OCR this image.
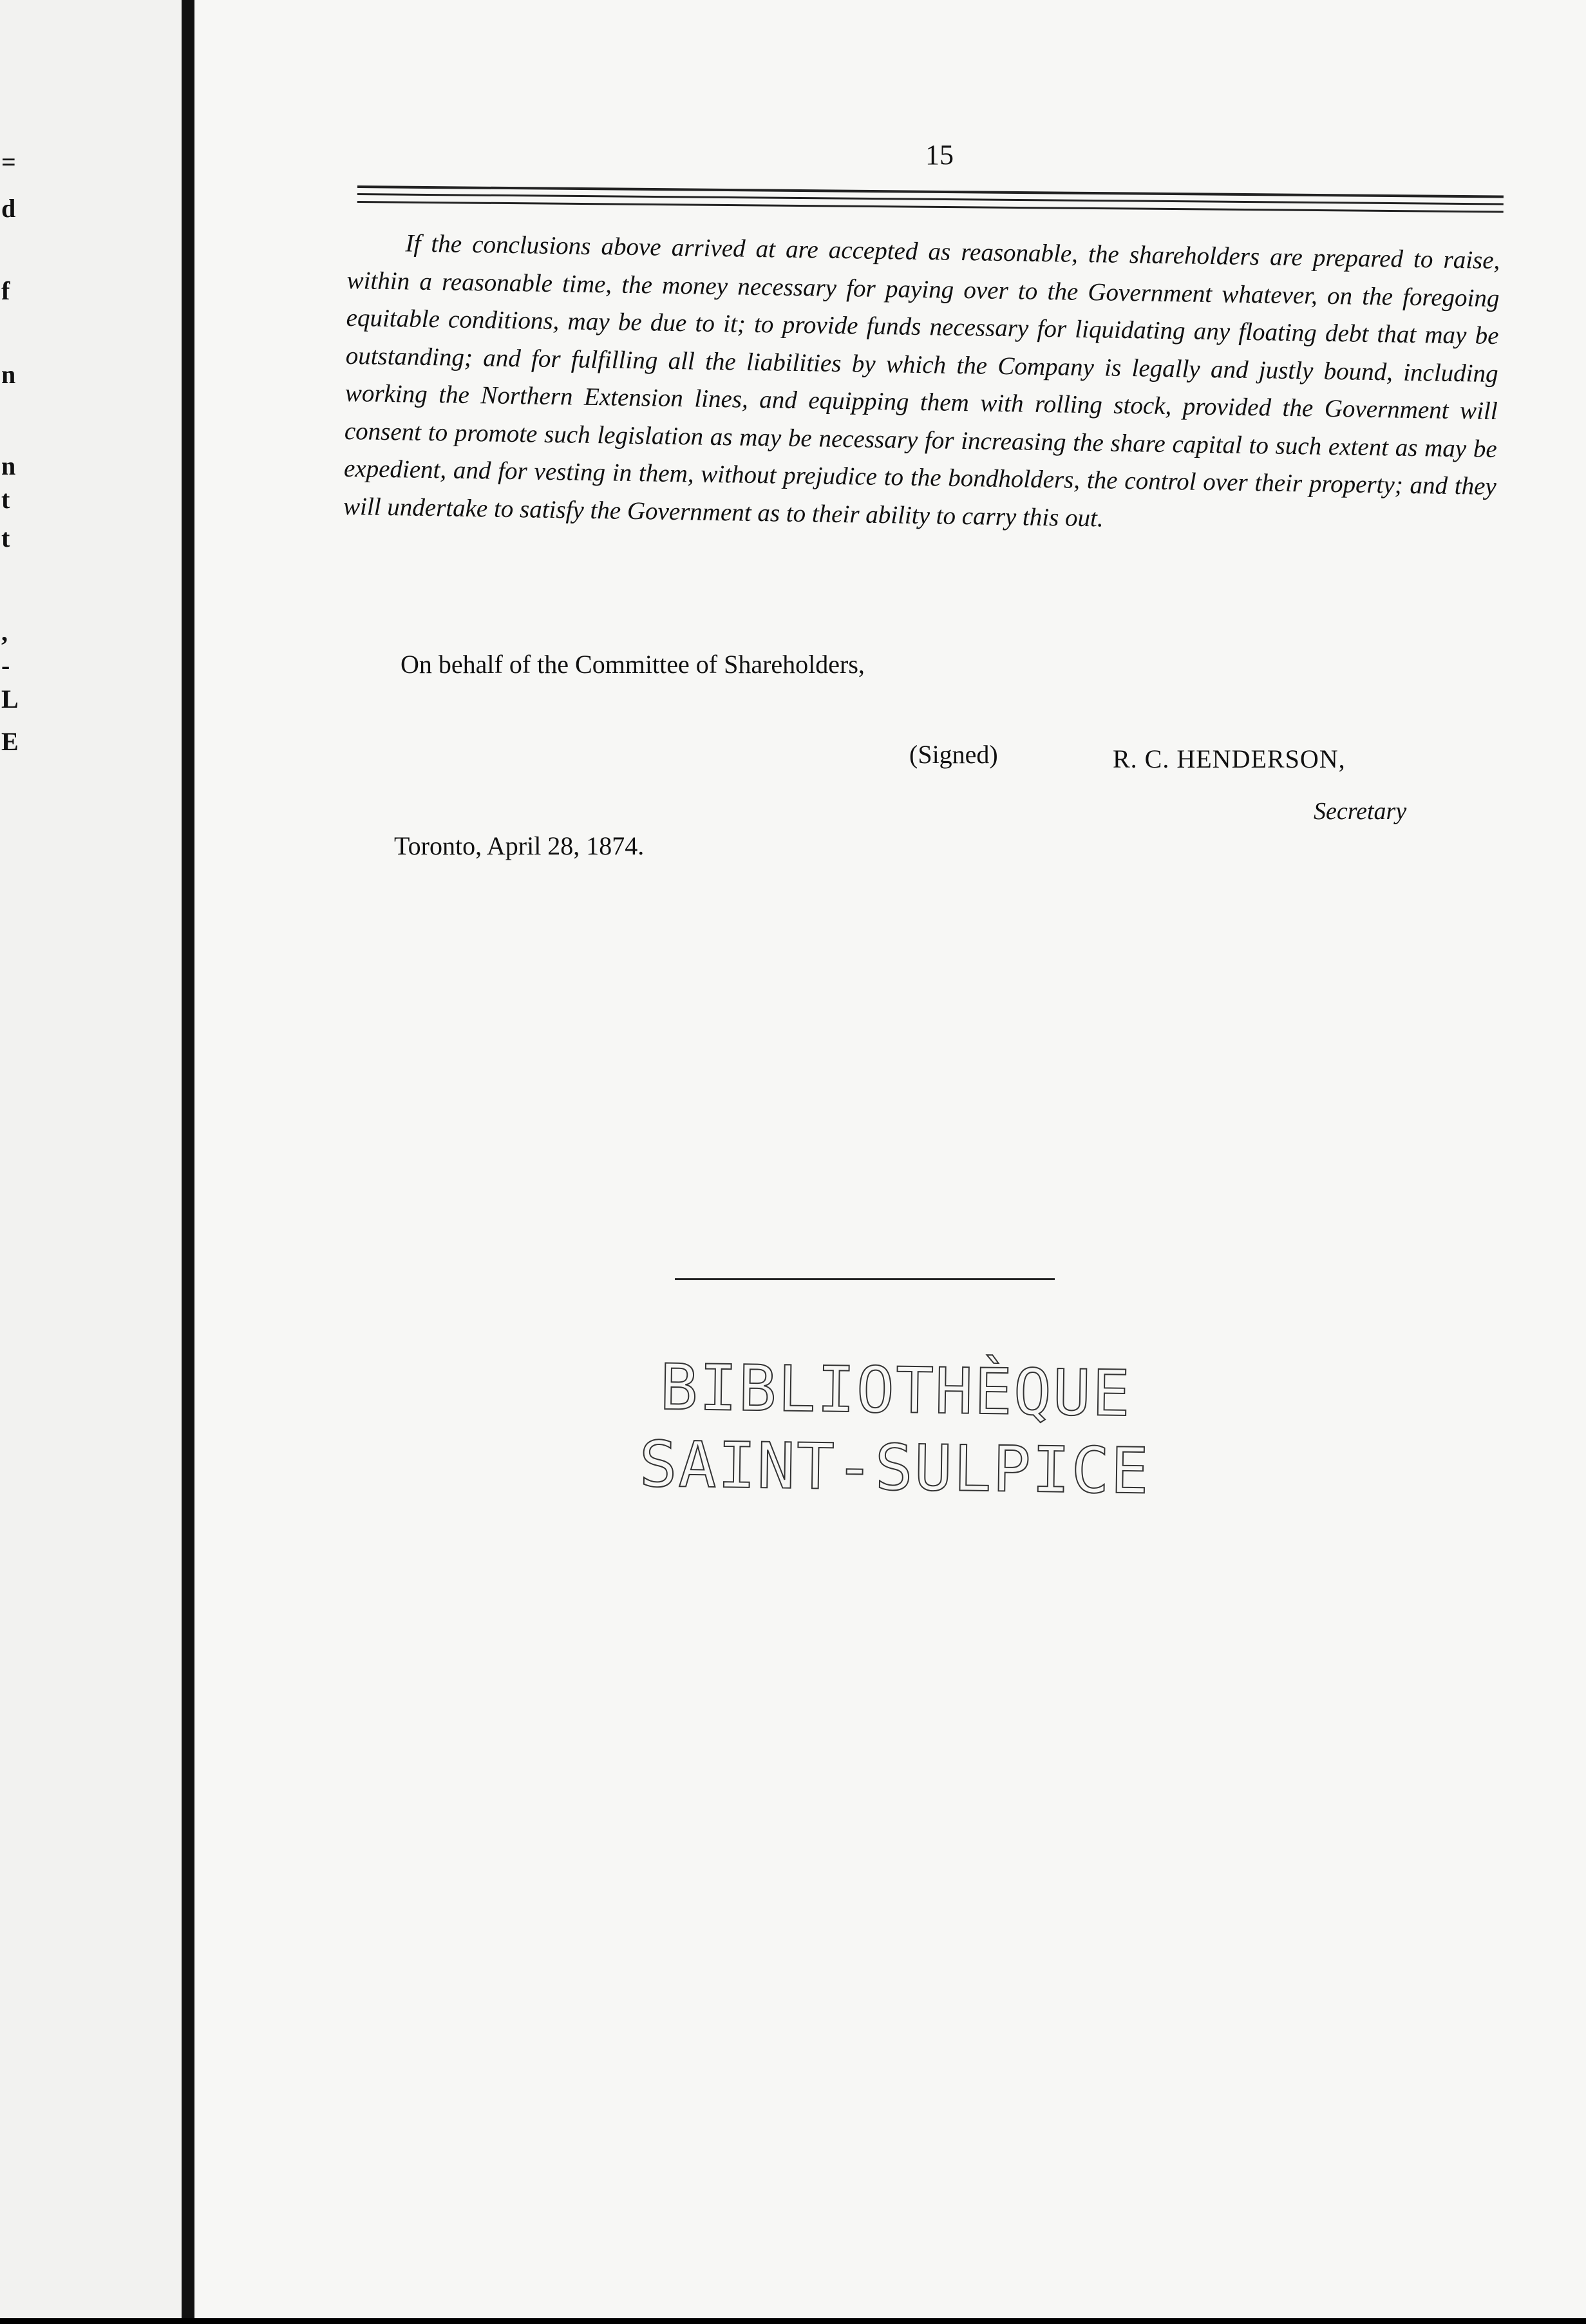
=
d
f
n
n
t
t
,
-
L
E
15
If the conclusions above arrived at are accepted as reasonable, the shareholders are prepared to raise, within a reasonable time, the money necessary for paying over to the Government whatever, on the foregoing equitable conditions, may be due to it; to provide funds necessary for liquidating any floating debt that may be outstanding; and for fulfilling all the liabilities by which the Company is legally and justly bound, including working the Northern Extension lines, and equipping them with rolling stock, provided the Government will consent to promote such legislation as may be necessary for increasing the share capital to such extent as may be expedient, and for vesting in them, without prejudice to the bondholders, the control over their property; and they will undertake to satisfy the Government as to their ability to carry this out.
On behalf of the Committee of Shareholders,
(Signed)	R. C. HENDERSON,
Secretary
Toronto, April 28, 1874.
BIBLIOTHÈQUE
SAINT-SULPICE
